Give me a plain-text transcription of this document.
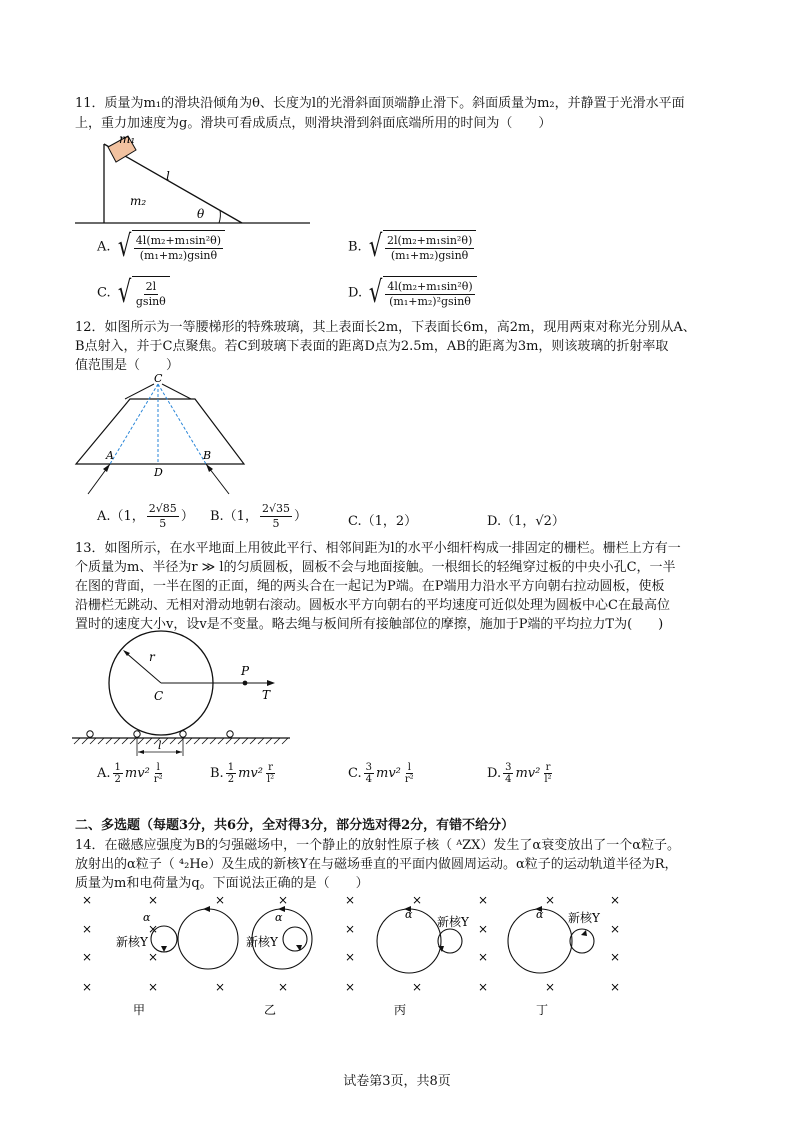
11．质量为m₁的滑块沿倾角为θ、长度为l的光滑斜面顶端静止滑下。斜面质量为m₂，并静置于光滑水平面
上，重力加速度为g。滑块可看成质点，则滑块滑到斜面底端所用的时间为（　　）
m₁
l
m₂
θ
A. √ $\frac{\text{4l(m₂+m₁sin²θ)}}{\text{(m₁+m₂)gsinθ}}$	B. √ $\frac{\text{2l(m₂+m₁sin²θ)}}{\text{(m₁+m₂)gsinθ}}$
C. √ $\frac{2l}{gsin\theta}$	D. √ $\frac{\text{4l(m₂+m₁sin²θ)}}{\text{(m₁+m₂)²gsinθ}}$
12．如图所示为一等腰梯形的特殊玻璃，其上表面长2m，下表面长6m，高2m，现用两束对称光分别从A、
B点射入，并于C点聚焦。若C到玻璃下表面的距离D点为2.5m，AB的距离为3m，则该玻璃的折射率取
值范围是（　　）
C
A
D
B
A.（1， $\frac{2√85}{5}$ ） B.（1， $\frac{2√35}{5}$ ）	C.（1，2）	D.（1，√2）
13．如图所示，在水平地面上用彼此平行、相邻间距为l的水平小细杆构成一排固定的栅栏。栅栏上方有一
个质量为m、半径为r ≫ l的匀质圆板，圆板不会与地面接触。一根细长的轻绳穿过板的中央小孔C，一半
在图的背面，一半在图的正面，绳的两头合在一起记为P端。在P端用力沿水平方向朝右拉动圆板，使板
沿栅栏无跳动、无相对滑动地朝右滚动。圆板水平方向朝右的平均速度可近似处理为圆板中心C在最高位
置时的速度大小v，设v是不变量。略去绳与板间所有接触部位的摩擦，施加于P端的平均拉力T为(　　)
r
C
P
T
l
A. $\frac{1}{2} mv^2 \frac{l}{\text{r²}}$	B. $\frac{1}{2} mv^2 \frac{r}{\text{l²}}$	C. $\frac{3}{4} mv^2 \frac{l}{\text{r²}}$	D. $\frac{3}{4} mv^2 \frac{r}{\text{l²}}$
二、多选题（每题3分，共6分，全对得3分，部分选对得2分，有错不给分）
14．在磁感应强度为B的匀强磁场中，一个静止的放射性原子核（ ᴬZX）发生了α衰变放出了一个α粒子。
放射出的α粒子（ ⁴₂He）及生成的新核Y在与磁场垂直的平面内做圆周运动。α粒子的运动轨道半径为R，
质量为m和电荷量为q。下面说法正确的是（　　）
×	×	×	×	×	×	×	×	×
×	×	×	×	×
×	×	×	×	×
×	×	×	×	×	×	×	×	×
α
新核Y
甲
α
新核Y
乙
α
新核Y
丙
α 新核Y
丁
试卷第3页，共8页
